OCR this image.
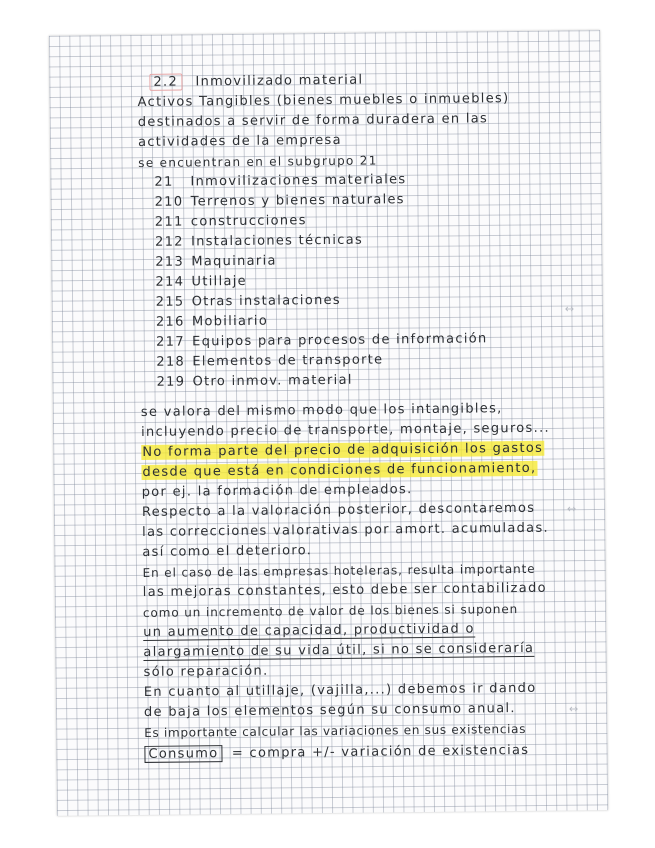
2.2 Inmovilizado material
Activos Tangibles (bienes muebles o inmuebles)
destinados a servir de forma duradera en las
actividades de la empresa
se encuentran en el subgrupo 21
21 Inmovilizaciones materiales
210 Terrenos y bienes naturales
211 construcciones
212 Instalaciones técnicas
213 Maquinaria
214 Utillaje
215 Otras instalaciones
216 Mobiliario
217 Equipos para procesos de información
218 Elementos de transporte
219 Otro inmov. material
se valora del mismo modo que los intangibles,
incluyendo precio de transporte, montaje, seguros...
No forma parte del precio de adquisición los gastos
desde que está en condiciones de funcionamiento,
por ej. la formación de empleados.
Respecto a la valoración posterior, descontaremos
las correcciones valorativas por amort. acumuladas.
así como el deterioro.
En el caso de las empresas hoteleras, resulta importante
las mejoras constantes, esto debe ser contabilizado
como un incremento de valor de los bienes si suponen
un aumento de capacidad, productividad o
alargamiento de su vida útil, si no se consideraría
sólo reparación.
En cuanto al utillaje, (vajilla,...) debemos ir dando
de baja los elementos según su consumo anual.
Es importante calcular las variaciones en sus existencias
Consumo = compra +/- variación de existencias
↔
↔
↔
